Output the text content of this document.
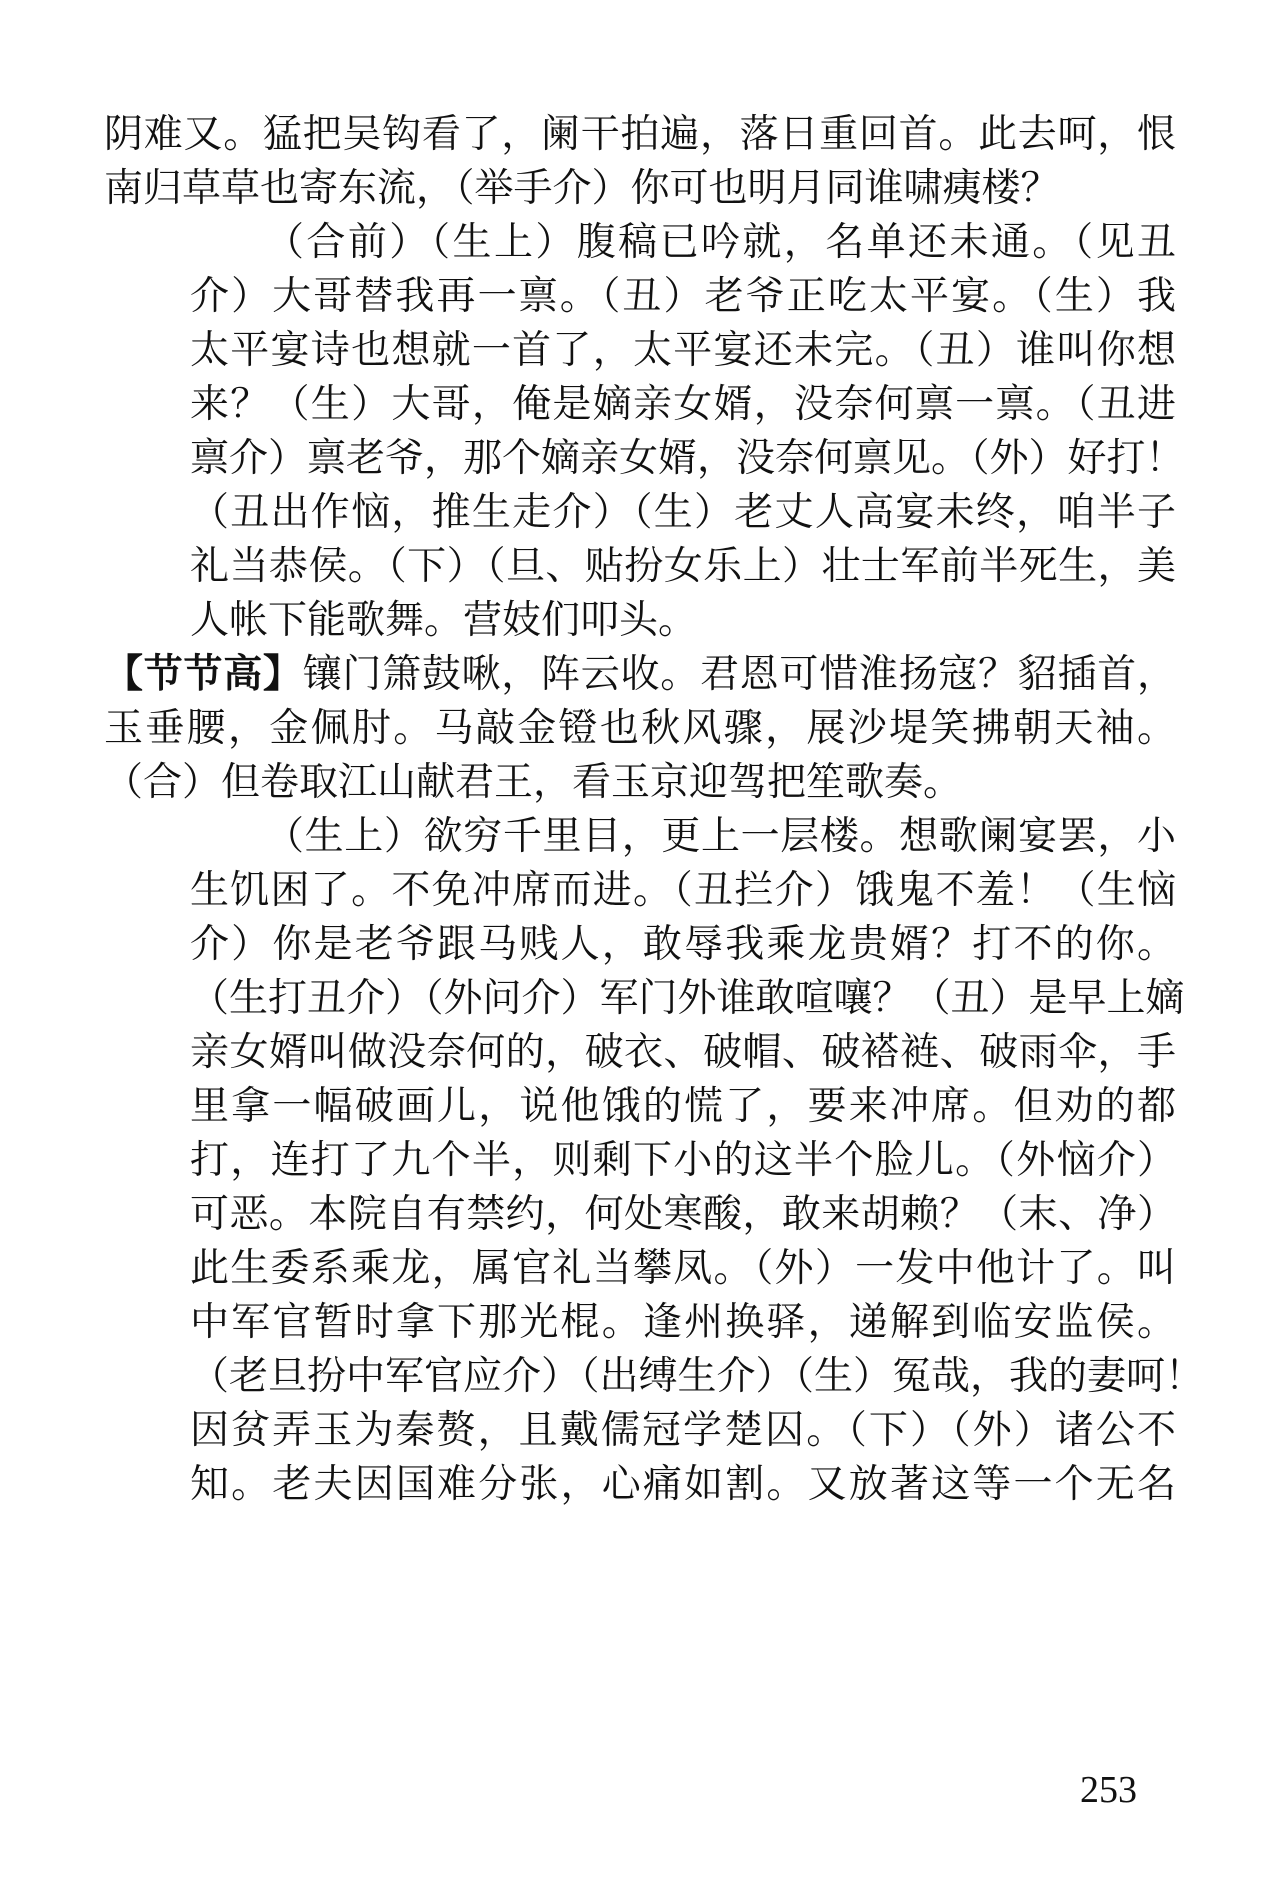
阴难又。猛把吴钩看了，阑干拍遍，落日重回首。此去呵，恨
南归草草也寄东流，（举手介）你可也明月同谁啸痍楼？
（合前）（生上）腹稿已吟就，名单还未通。（见丑
介）大哥替我再一禀。（丑）老爷正吃太平宴。（生）我
太平宴诗也想就一首了，太平宴还未完。（丑）谁叫你想
来？（生）大哥，俺是嫡亲女婿，没奈何禀一禀。（丑进
禀介）禀老爷，那个嫡亲女婿，没奈何禀见。（外）好打！
（丑出作恼，推生走介）（生）老丈人高宴未终，咱半子
礼当恭侯。（下）（旦、贴扮女乐上）壮士军前半死生，美
人帐下能歌舞。营妓们叩头。
【节节高】镶门箫鼓啾，阵云收。君恩可惜淮扬寇？貂插首，
玉垂腰，金佩肘。马敲金镫也秋风骤，展沙堤笑拂朝天袖。
（合）但卷取江山献君王，看玉京迎驾把笙歌奏。
（生上）欲穷千里目，更上一层楼。想歌阑宴罢，小
生饥困了。不免冲席而进。（丑拦介）饿鬼不羞！（生恼
介）你是老爷跟马贱人，敢辱我乘龙贵婿？打不的你。
（生打丑介）（外问介）军门外谁敢喧嚷？（丑）是早上嫡
亲女婿叫做没奈何的，破衣、破帽、破褡裢、破雨伞，手
里拿一幅破画儿，说他饿的慌了，要来冲席。但劝的都
打，连打了九个半，则剩下小的这半个脸儿。（外恼介）
可恶。本院自有禁约，何处寒酸，敢来胡赖？（末、净）
此生委系乘龙，属官礼当攀凤。（外）一发中他计了。叫
中军官暂时拿下那光棍。逢州换驿，递解到临安监侯。
（老旦扮中军官应介）（出缚生介）（生）冤哉，我的妻呵！
因贫弄玉为秦赘，且戴儒冠学楚囚。（下）（外）诸公不
知。老夫因国难分张，心痛如割。又放著这等一个无名
253
